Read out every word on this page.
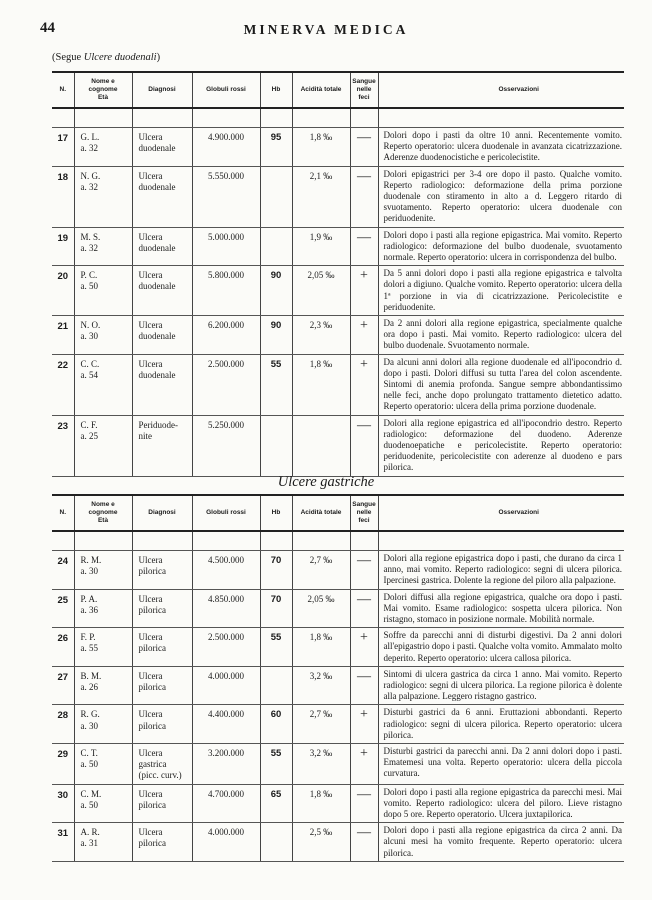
44	MINERVA MEDICA
(Segue Ulcere duodenali)
N.	Nome e
cognome
Età	Diagnosi	Globuli rossi	Hb	Acidità totale	Sangue
nelle
feci	Osservazioni

17	G. L.
a. 32	Ulcera
duodenale	4.900.000	95	1,8 ‰	—	Dolori dopo i pasti da oltre 10 anni. Recentemente vomito. Reperto operatorio: ulcera duodenale in avanzata cicatrizzazione. Aderenze duodenocistiche e pericolecistite.

18	N. G.
a. 32	Ulcera
duodenale	5.550.000		2,1 ‰	—	Dolori epigastrici per 3-4 ore dopo il pasto. Qualche vomito. Reperto radiologico: deformazione della prima porzione duodenale con stiramento in alto a d. Leggero ritardo di svuotamento. Reperto operatorio: ulcera duodenale con periduodenite.

19	M. S.
a. 32	Ulcera
duodenale	5.000.000		1,9 ‰	—	Dolori dopo i pasti alla regione epigastrica. Mai vomito. Reperto radiologico: deformazione del bulbo duodenale, svuotamento normale. Reperto operatorio: ulcera in corrispondenza del bulbo.

20	P. C.
a. 50	Ulcera
duodenale	5.800.000	90	2,05 ‰	+	Da 5 anni dolori dopo i pasti alla regione epigastrica e talvolta dolori a digiuno. Qualche vomito. Reperto operatorio: ulcera della 1ª porzione in via di cicatrizzazione. Pericolecistite e periduodenite.

21	N. O.
a. 30	Ulcera
duodenale	6.200.000	90	2,3 ‰	+	Da 2 anni dolori alla regione epigastrica, specialmente qualche ora dopo i pasti. Mai vomito. Reperto radiologico: ulcera del bulbo duodenale. Svuotamento normale.

22	C. C.
a. 54	Ulcera
duodenale	2.500.000	55	1,8 ‰	+	Da alcuni anni dolori alla regione duodenale ed all'ipocondrio d. dopo i pasti. Dolori diffusi su tutta l'area del colon ascendente. Sintomi di anemia profonda. Sangue sempre abbondantissimo nelle feci, anche dopo prolungato trattamento dietetico adatto. Reperto operatorio: ulcera della prima porzione duodenale.

23	C. F.
a. 25	Periduode-
nite	5.250.000			—	Dolori alla regione epigastrica ed all'ipocondrio destro. Reperto radiologico: deformazione del duodeno. Aderenze duodenoepatiche e pericolecistite. Reperto operatorio: periduodenite, pericolecistite con aderenze al duodeno e pars pilorica.
Ulcere gastriche
N.	Nome e
cognome
Età	Diagnosi	Globuli rossi	Hb	Acidità totale	Sangue
nelle
feci	Osservazioni

24	R. M.
a. 30	Ulcera
pilorica	4.500.000	70	2,7 ‰	—	Dolori alla regione epigastrica dopo i pasti, che durano da circa 1 anno, mai vomito. Reperto radiologico: segni di ulcera pilorica. Ipercinesi gastrica. Dolente la regione del piloro alla palpazione.

25	P. A.
a. 36	Ulcera
pilorica	4.850.000	70	2,05 ‰	—	Dolori diffusi alla regione epigastrica, qualche ora dopo i pasti. Mai vomito. Esame radiologico: sospetta ulcera pilorica. Non ristagno, stomaco in posizione normale. Mobilità normale.

26	F. P.
a. 55	Ulcera
pilorica	2.500.000	55	1,8 ‰	+	Soffre da parecchi anni di disturbi digestivi. Da 2 anni dolori all'epigastrio dopo i pasti. Qualche volta vomito. Ammalato molto deperito. Reperto operatorio: ulcera callosa pilorica.

27	B. M.
a. 26	Ulcera
pilorica	4.000.000		3,2 ‰	—	Sintomi di ulcera gastrica da circa 1 anno. Mai vomito. Reperto radiologico: segni di ulcera pilorica. La regione pilorica è dolente alla palpazione. Leggero ristagno gastrico.

28	R. G.
a. 30	Ulcera
pilorica	4.400.000	60	2,7 ‰	+	Disturbi gastrici da 6 anni. Eruttazioni abbondanti. Reperto radiologico: segni di ulcera pilorica. Reperto operatorio: ulcera pilorica.

29	C. T.
a. 50	Ulcera
gastrica
(picc. curv.)	3.200.000	55	3,2 ‰	+	Disturbi gastrici da parecchi anni. Da 2 anni dolori dopo i pasti. Ematemesi una volta. Reperto operatorio: ulcera della piccola curvatura.

30	C. M.
a. 50	Ulcera
pilorica	4.700.000	65	1,8 ‰	—	Dolori dopo i pasti alla regione epigastrica da parecchi mesi. Mai vomito. Reperto radiologico: ulcera del piloro. Lieve ristagno dopo 5 ore. Reperto operatorio. Ulcera juxtapilorica.

31	A. R.
a. 31	Ulcera
pilorica	4.000.000		2,5 ‰	—	Dolori dopo i pasti alla regione epigastrica da circa 2 anni. Da alcuni mesi ha vomito frequente. Reperto operatorio: ulcera pilorica.
